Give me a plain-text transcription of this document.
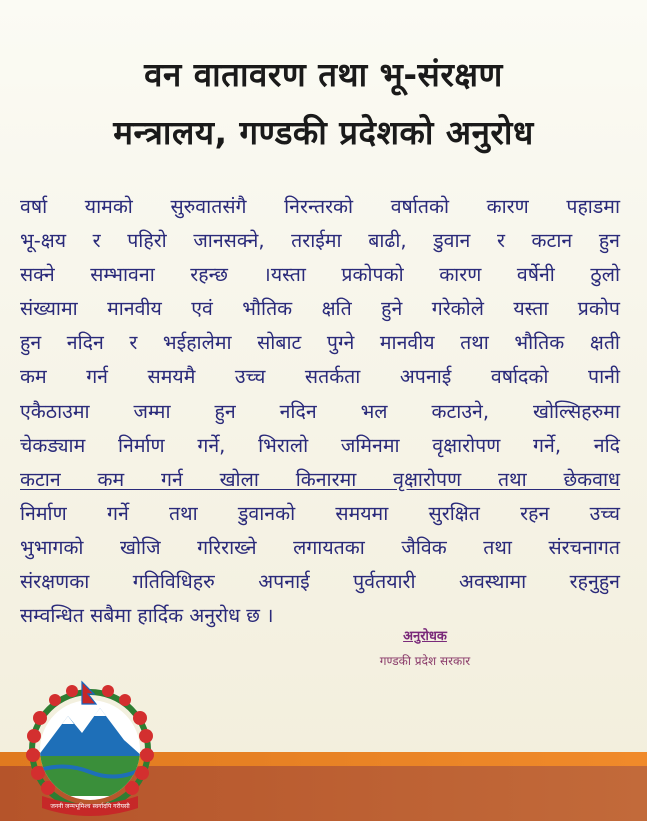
वन वातावरण तथा भू-संरक्षण
मन्त्रालय, गण्डकी प्रदेशको अनुरोध
वर्षा यामको सुरुवातसंगै निरन्तरको वर्षातको कारण पहाडमा
भू-क्षय र पहिरो जानसक्ने, तराईमा बाढी, डुवान र कटान हुन
सक्ने सम्भावना रहन्छ ।यस्ता प्रकोपको कारण वर्षेनी ठुलो
संख्यामा मानवीय एवं भौतिक क्षति हुने गरेकोले यस्ता प्रकोप
हुन नदिन र भईहालेमा सोबाट पुग्ने मानवीय तथा भौतिक क्षती
कम गर्न समयमै उच्च सतर्कता अपनाई वर्षादको पानी
एकैठाउमा जम्मा हुन नदिन भल कटाउने, खोल्सिहरुमा
चेकड्याम निर्माण गर्ने, भिरालो जमिनमा वृक्षारोपण गर्ने, नदि
कटान कम गर्न खोला किनारमा वृक्षारोपण तथा छेकवाध
निर्माण गर्ने तथा डुवानको समयमा सुरक्षित रहन उच्च
भुभागको खोजि गरिराख्ने लगायतका जैविक तथा संरचनागत
संरक्षणका गतिविधिहरु अपनाई पुर्वतयारी अवस्थामा रहनुहुन
सम्वन्धित सबैमा हार्दिक अनुरोध छ ।
अनुरोधक
गण्डकी प्रदेश सरकार
जननी जन्मभूमिश्च स्वर्गादपि गरीयसी
